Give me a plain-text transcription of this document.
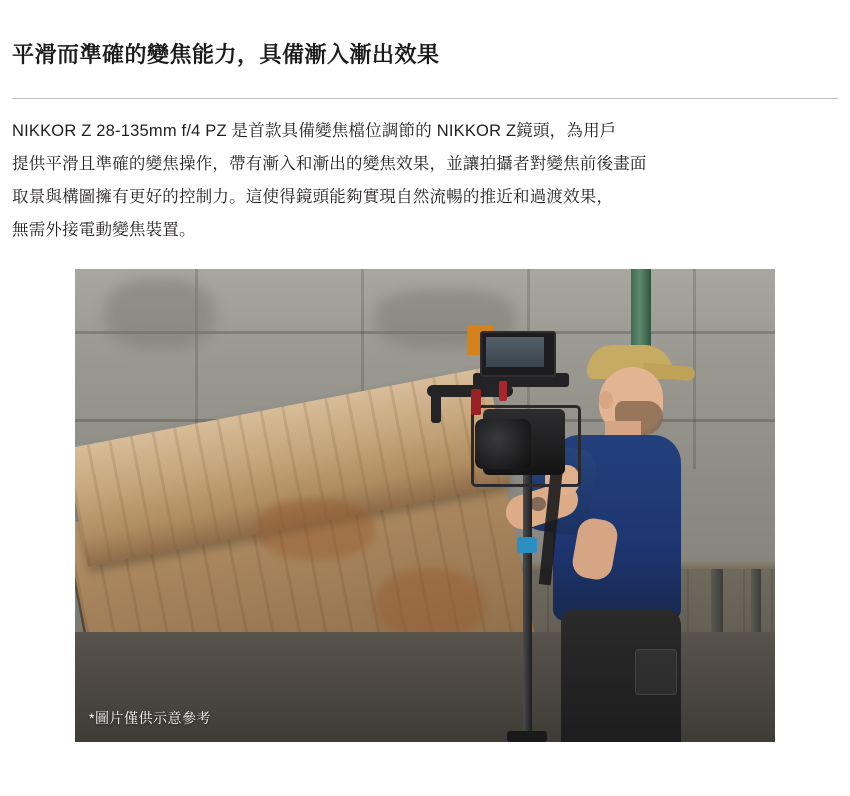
平滑而準確的變焦能力，具備漸入漸出效果
NIKKOR Z 28-135mm f/4 PZ 是首款具備變焦檔位調節的 NIKKOR Z鏡頭，為用戶
提供平滑且準確的變焦操作，帶有漸入和漸出的變焦效果，並讓拍攝者對變焦前後畫面
取景與構圖擁有更好的控制力。這使得鏡頭能夠實現自然流暢的推近和過渡效果，
無需外接電動變焦裝置。
*圖片僅供示意參考
